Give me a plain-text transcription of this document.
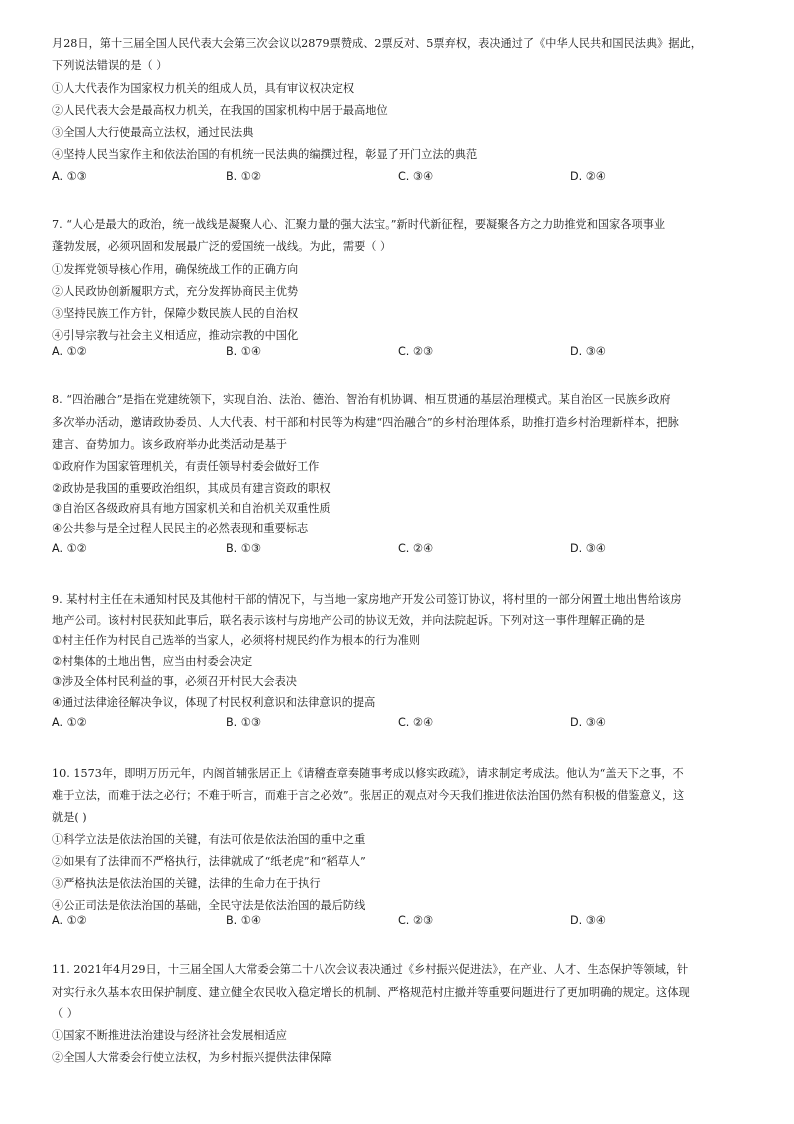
月28日，第十三届全国人民代表大会第三次会议以2879票赞成、2票反对、5票弃权，表决通过了《中华人民共和国民法典》据此，
下列说法错误的是（ ）
①人大代表作为国家权力机关的组成人员，具有审议权决定权
②人民代表大会是最高权力机关，在我国的国家机构中居于最高地位
③全国人大行使最高立法权，通过民法典
④坚持人民当家作主和依法治国的有机统一民法典的编撰过程，彰显了开门立法的典范
A. ①③	B. ①②	C. ③④	D. ②④
7. “人心是最大的政治，统一战线是凝聚人心、汇聚力量的强大法宝。”新时代新征程，要凝聚各方之力助推党和国家各项事业
蓬勃发展，必须巩固和发展最广泛的爱国统一战线。为此，需要（ ）
①发挥党领导核心作用，确保统战工作的正确方向
②人民政协创新履职方式，充分发挥协商民主优势
③坚持民族工作方针，保障少数民族人民的自治权
④引导宗教与社会主义相适应，推动宗教的中国化
A. ①②	B. ①④	C. ②③	D. ③④
8. “四治融合”是指在党建统领下，实现自治、法治、德治、智治有机协调、相互贯通的基层治理模式。某自治区一民族乡政府
多次举办活动，邀请政协委员、人大代表、村干部和村民等为构建“四治融合”的乡村治理体系，助推打造乡村治理新样本，把脉
建言、奋势加力。该乡政府举办此类活动是基于
①政府作为国家管理机关，有责任领导村委会做好工作
②政协是我国的重要政治组织，其成员有建言资政的职权
③自治区各级政府具有地方国家机关和自治机关双重性质
④公共参与是全过程人民民主的必然表现和重要标志
A. ①②	B. ①③	C. ②④	D. ③④
9. 某村村主任在未通知村民及其他村干部的情况下，与当地一家房地产开发公司签订协议，将村里的一部分闲置土地出售给该房
地产公司。该村村民获知此事后，联名表示该村与房地产公司的协议无效，并向法院起诉。下列对这一事件理解正确的是
①村主任作为村民自己选举的当家人，必须将村规民约作为根本的行为准则
②村集体的土地出售，应当由村委会决定
③涉及全体村民利益的事，必须召开村民大会表决
④通过法律途径解决争议，体现了村民权利意识和法律意识的提高
A. ①②	B. ①③	C. ②④	D. ③④
10. 1573年，即明万历元年，内阁首辅张居正上《请稽查章奏随事考成以修实政疏》，请求制定考成法。他认为“盖天下之事，不
难于立法，而难于法之必行；不难于听言，而难于言之必效”。张居正的观点对今天我们推进依法治国仍然有积极的借鉴意义，这
就是( )
①科学立法是依法治国的关键，有法可依是依法治国的重中之重
②如果有了法律而不严格执行，法律就成了“纸老虎”和“稻草人”
③严格执法是依法治国的关键，法律的生命力在于执行
④公正司法是依法治国的基础，全民守法是依法治国的最后防线
A. ①②	B. ①④	C. ②③	D. ③④
11. 2021年4月29日，十三届全国人大常委会第二十八次会议表决通过《乡村振兴促进法》，在产业、人才、生态保护等领域，针
对实行永久基本农田保护制度、建立健全农民收入稳定增长的机制、严格规范村庄撤并等重要问题进行了更加明确的规定。这体现
（ ）
①国家不断推进法治建设与经济社会发展相适应
②全国人大常委会行使立法权，为乡村振兴提供法律保障
